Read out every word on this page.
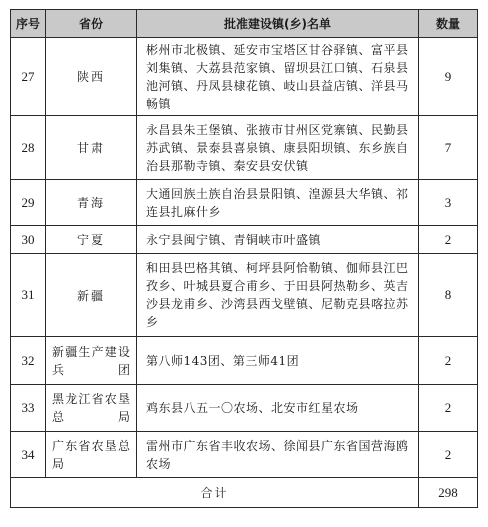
序号	省份	批准建设镇(乡)名单	数量
27	陕西	彬州市北极镇、延安市宝塔区甘谷驿镇、富平县刘集镇、大荔县范家镇、留坝县江口镇、石泉县池河镇、丹凤县棣花镇、岐山县益店镇、洋县马畅镇	9
28	甘肃	永昌县朱王堡镇、张掖市甘州区党寨镇、民勤县苏武镇、景泰县喜泉镇、康县阳坝镇、东乡族自治县那勒寺镇、秦安县安伏镇	7
29	青海	大通回族土族自治县景阳镇、湟源县大华镇、祁连县扎麻什乡	3
30	宁夏	永宁县闽宁镇、青铜峡市叶盛镇	2
31	新疆	和田县巴格其镇、柯坪县阿恰勒镇、伽师县江巴孜乡、叶城县夏合甫乡、于田县阿热勒乡、英吉沙县龙甫乡、沙湾县西戈壁镇、尼勒克县喀拉苏乡	8
32	新疆生产建设兵团	第八师143团、第三师41团	2
33	黑龙江省农垦总局	鸡东县八五一〇农场、北安市红星农场	2
34	广东省农垦总局	雷州市广东省丰收农场、徐闻县广东省国营海鸥农场	2
合计			298
